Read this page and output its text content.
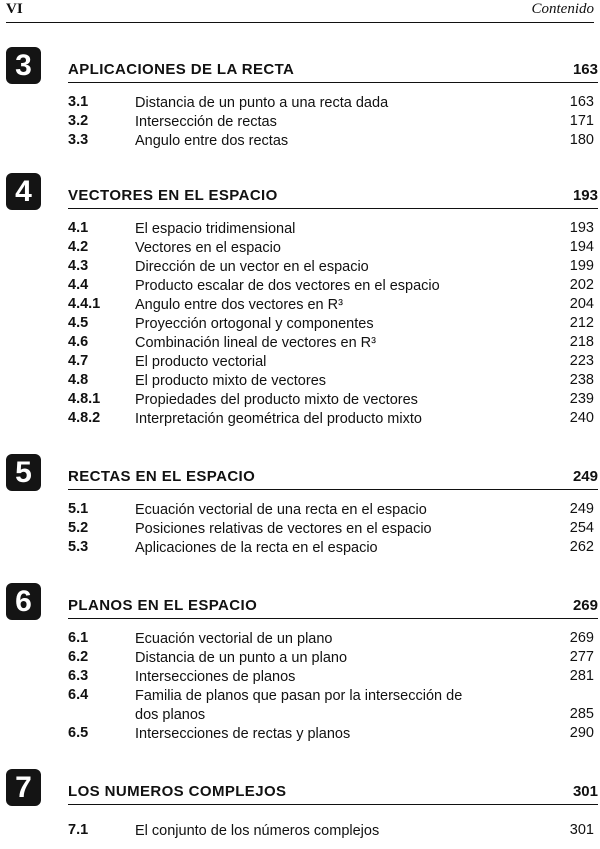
VI	Contenido
3	APLICACIONES DE LA RECTA	163
3.1	Distancia de un punto a una recta dada	163
3.2	Intersección de rectas	171
3.3	Angulo entre dos rectas	180
4	VECTORES EN EL ESPACIO	193
4.1	El espacio tridimensional	193
4.2	Vectores en el espacio	194
4.3	Dirección de un vector en el espacio	199
4.4	Producto escalar de dos vectores en el espacio	202
4.4.1 Angulo entre dos vectores en R³	204
4.5	Proyección ortogonal y componentes	212
4.6	Combinación lineal de vectores en R³	218
4.7	El producto vectorial	223
4.8	El producto mixto de vectores	238
4.8.1 Propiedades del producto mixto de vectores	239
4.8.2 Interpretación geométrica del producto mixto	240
5	RECTAS EN EL ESPACIO	249
5.1	Ecuación vectorial de una recta en el espacio	249
5.2	Posiciones relativas de vectores en el espacio	254
5.3	Aplicaciones de la recta en el espacio	262
6	PLANOS EN EL ESPACIO	269
6.1	Ecuación vectorial de un plano	269
6.2	Distancia de un punto a un plano	277
6.3	Intersecciones de planos	281
6.4	Familia de planos que pasan por la intersección de dos planos	285
6.5	Intersecciones de rectas y planos	290
7	LOS NUMEROS COMPLEJOS	301
7.1	El conjunto de los números complejos	301
